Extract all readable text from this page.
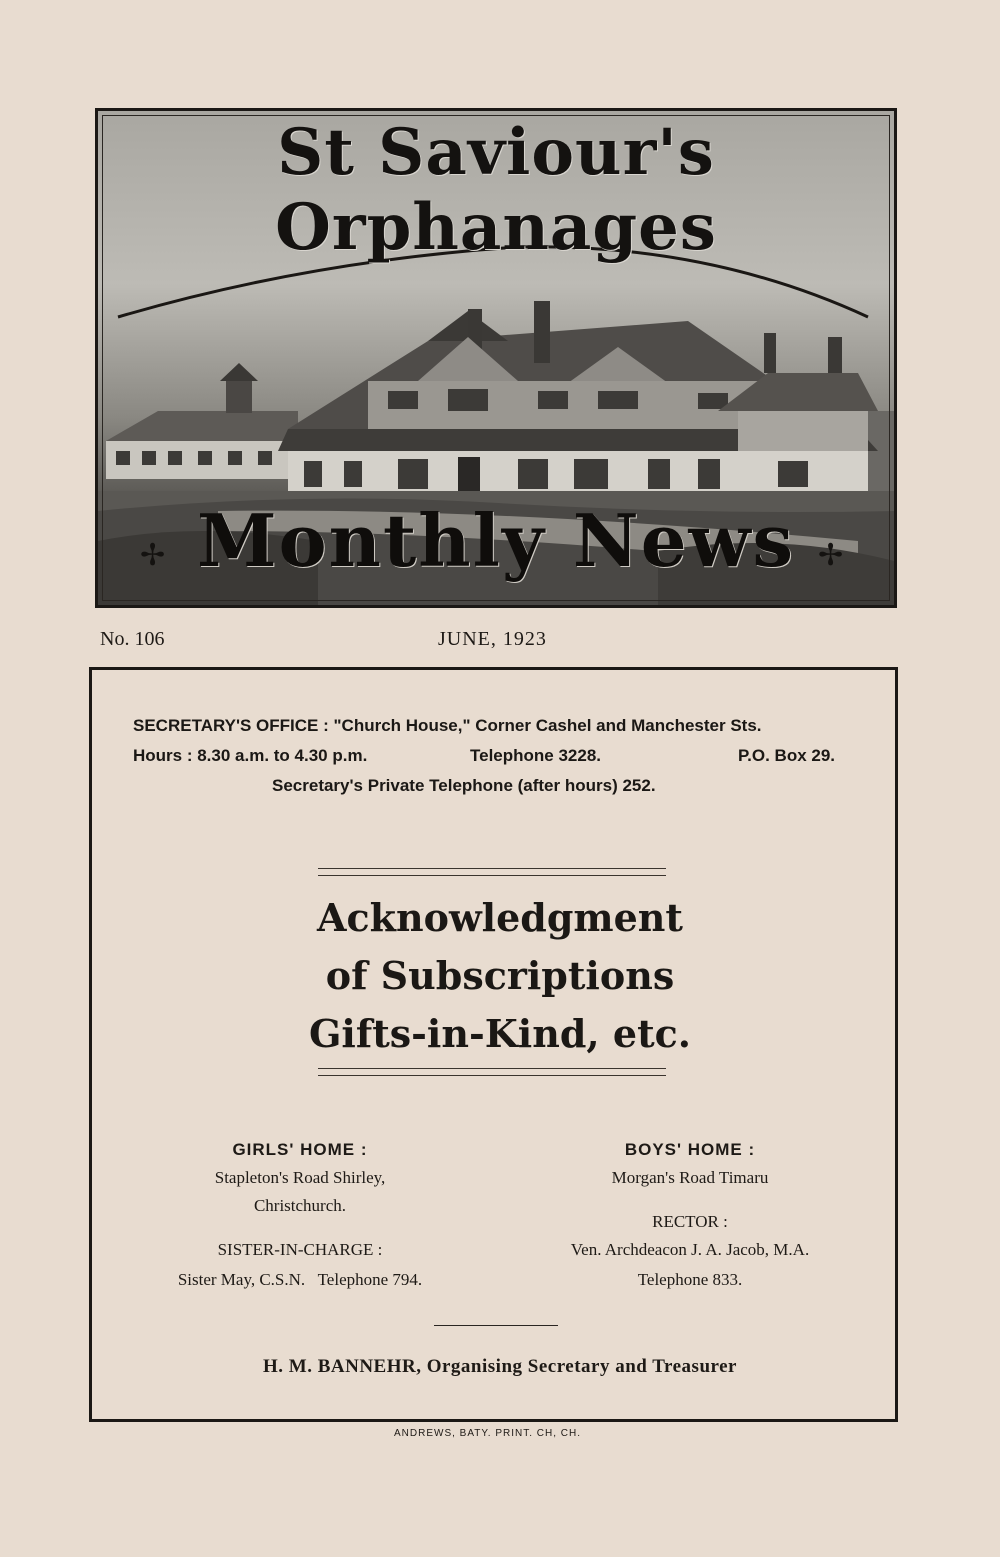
St Saviour's Orphanages
Monthly News
✢	✢
No. 106	JUNE, 1923
SECRETARY'S OFFICE : "Church House," Corner Cashel and Manchester Sts.
Hours : 8.30 a.m. to 4.30 p.m.	Telephone 3228.	P.O. Box 29.
Secretary's Private Telephone (after hours) 252.
Acknowledgment
of Subscriptions
Gifts-in-Kind, etc.
GIRLS' HOME :
Stapleton's Road Shirley,
Christchurch.
SISTER-IN-CHARGE :
Sister May, C.S.N.   Telephone 794.
BOYS' HOME :
Morgan's Road Timaru
RECTOR :
Ven. Archdeacon J. A. Jacob, M.A.
Telephone 833.
H. M. BANNEHR, Organising Secretary and Treasurer
ANDREWS, BATY. PRINT. CH, CH.
